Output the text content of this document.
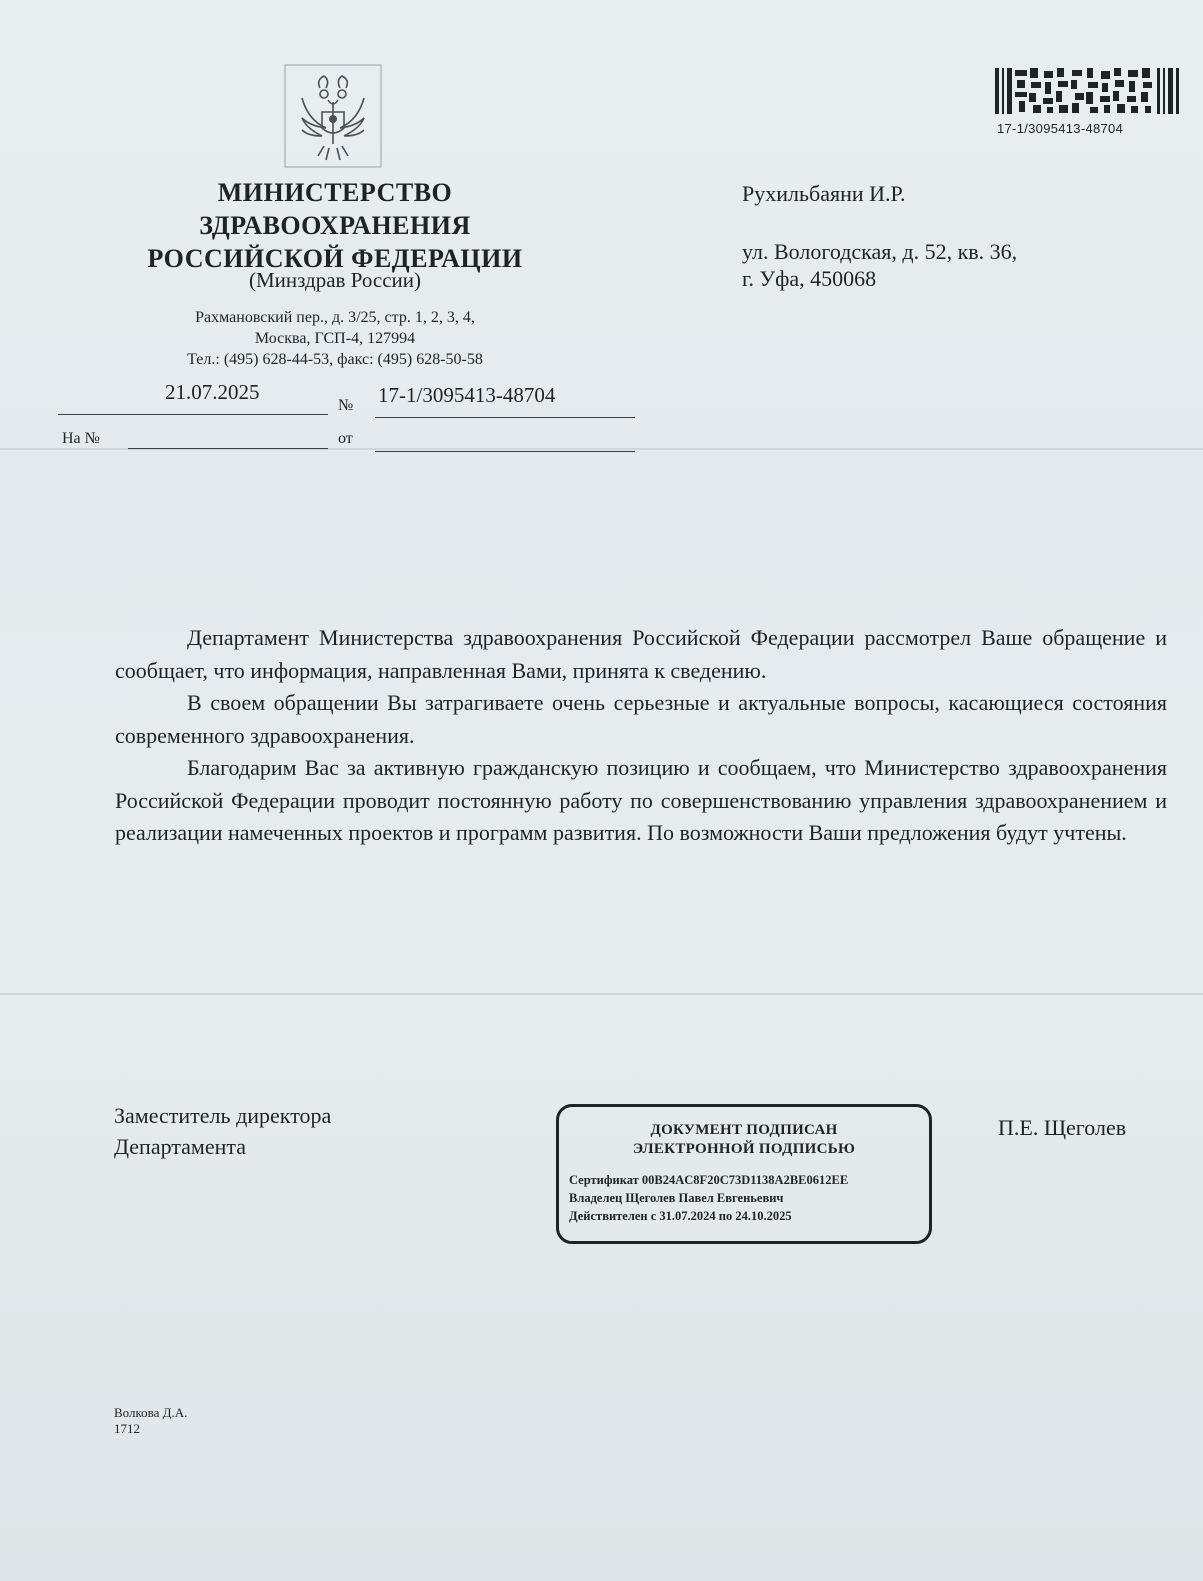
МИНИСТЕРСТВО
ЗДРАВООХРАНЕНИЯ
РОССИЙСКОЙ ФЕДЕРАЦИИ
(Минздрав России)
Рахмановский пер., д. 3/25, стр. 1, 2, 3, 4,
Москва, ГСП-4, 127994
Тел.: (495) 628-44-53, факс: (495) 628-50-58
21.07.2025
№ 17-1/3095413-48704
На №	от
17-1/3095413-48704
Рухильбаяни И.Р.
ул. Вологодская, д. 52, кв. 36,
г. Уфа, 450068

Департамент Министерства здравоохранения Российской Федерации рассмотрел Ваше обращение и сообщает, что информация, направленная Вами, принята к сведению.

В своем обращении Вы затрагиваете очень серьезные и актуальные вопросы, касающиеся состояния современного здравоохранения.

Благодарим Вас за активную гражданскую позицию и сообщаем, что Министерство здравоохранения Российской Федерации проводит постоянную работу по совершенствованию управления здравоохранением и реализации намеченных проектов и программ развития. По возможности Ваши предложения будут учтены.

Заместитель директора
Департамента
ДОКУМЕНТ ПОДПИСАН
ЭЛЕКТРОННОЙ ПОДПИСЬЮ
Сертификат 00B24AC8F20C73D1138A2BE0612EE
Владелец Щеголев Павел Евгеньевич
Действителен с 31.07.2024 по 24.10.2025
П.Е. Щеголев
Волкова Д.А.
1712
